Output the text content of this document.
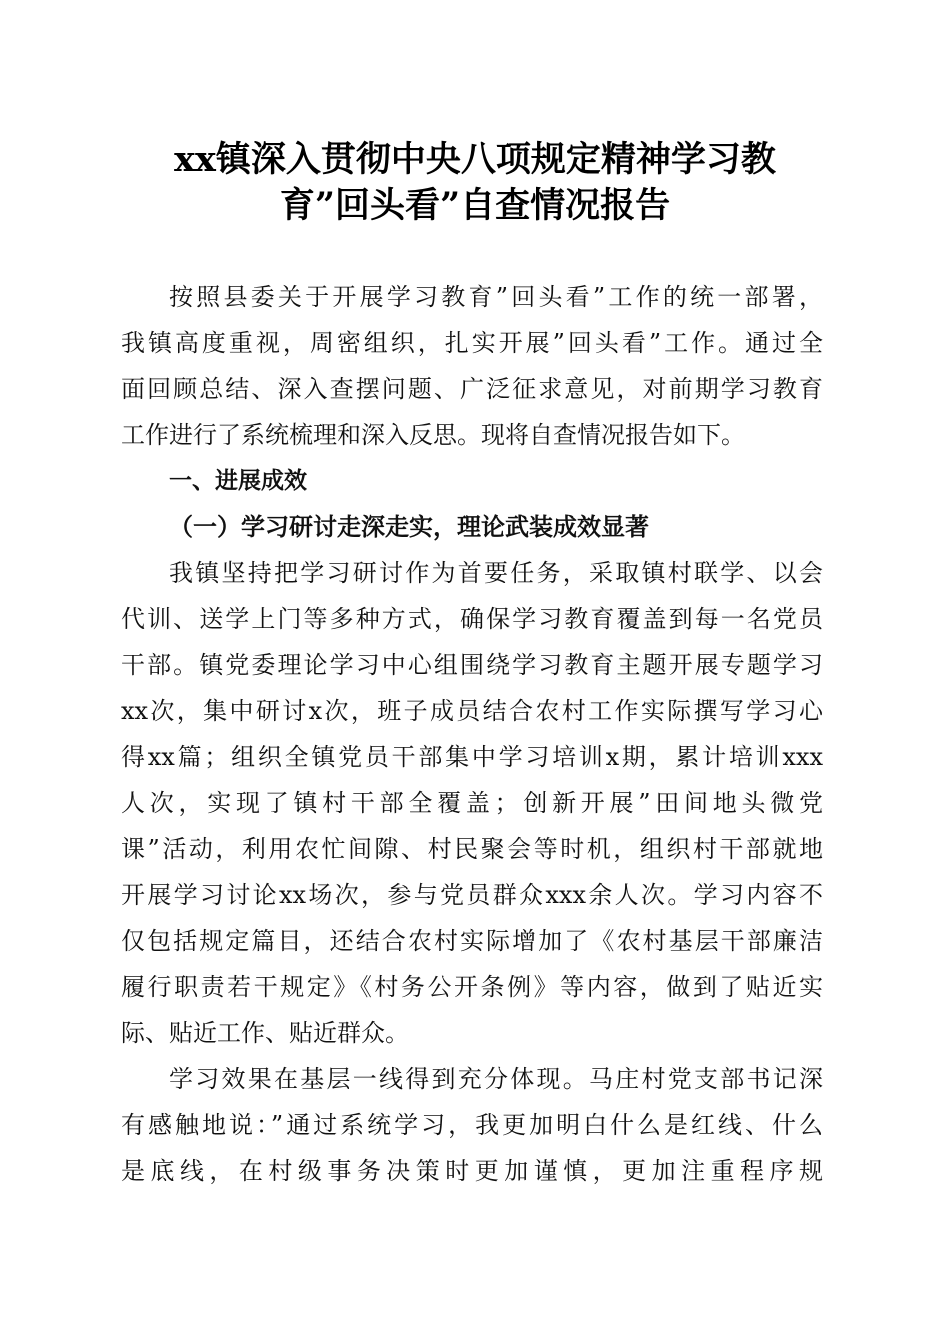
xx镇深入贯彻中央八项规定精神学习教
育”回头看”自查情况报告
按照县委关于开展学习教育”回头看”工作的统一部署，
我镇高度重视，周密组织，扎实开展”回头看”工作。通过全
面回顾总结、深入查摆问题、广泛征求意见，对前期学习教育
工作进行了系统梳理和深入反思。现将自查情况报告如下。
一、进展成效
（一）学习研讨走深走实，理论武装成效显著
我镇坚持把学习研讨作为首要任务，采取镇村联学、以会
代训、送学上门等多种方式，确保学习教育覆盖到每一名党员
干部。镇党委理论学习中心组围绕学习教育主题开展专题学习
xx次，集中研讨x次，班子成员结合农村工作实际撰写学习心
得xx篇；组织全镇党员干部集中学习培训x期，累计培训xxx
人次，实现了镇村干部全覆盖；创新开展”田间地头微党
课”活动，利用农忙间隙、村民聚会等时机，组织村干部就地
开展学习讨论xx场次，参与党员群众xxx余人次。学习内容不
仅包括规定篇目，还结合农村实际增加了《农村基层干部廉洁
履行职责若干规定》《村务公开条例》等内容，做到了贴近实
际、贴近工作、贴近群众。
学习效果在基层一线得到充分体现。马庄村党支部书记深
有感触地说：”通过系统学习，我更加明白什么是红线、什么
是底线，在村级事务决策时更加谨慎，更加注重程序规
